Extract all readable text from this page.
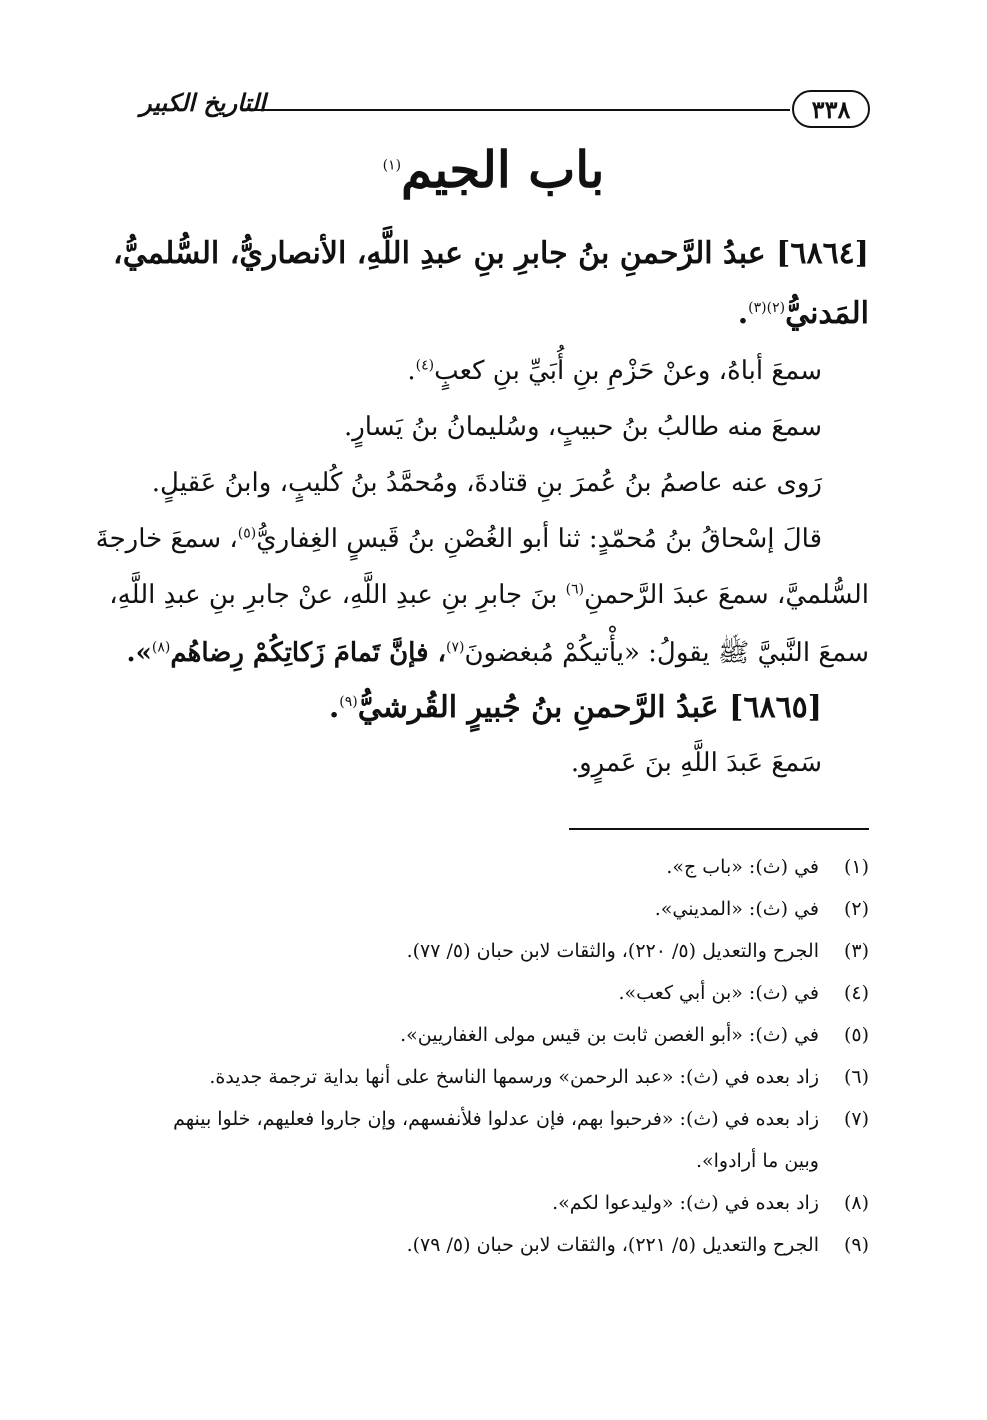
٣٣٨
التاريخ الكبير
باب الجيم$^{(١)}$
[٦٨٦٤] عبدُ الرَّحمنِ بنُ جابرِ بنِ عبدِ اللَّهِ، الأنصاريُّ، السُّلميُّ،
المَدنيُّ$^{(٢)(٣)}$.
سمعَ أباهُ، وعنْ حَزْمِ بنِ أُبَيِّ بنِ كعبٍ$^{(٤)}$.
سمعَ منه طالبُ بنُ حبيبٍ، وسُليمانُ بنُ يَسارٍ.
رَوى عنه عاصمُ بنُ عُمرَ بنِ قتادةَ، ومُحمَّدُ بنُ كُليبٍ، وابنُ عَقيلٍ.
قالَ إسْحاقُ بنُ مُحمّدٍ: ثنا أبو الغُصْنِ بنُ قَيسٍ الغِفاريُّ$^{(٥)}$، سمعَ خارجةَ
السُّلميَّ، سمعَ عبدَ الرَّحمنِ$^{(٦)}$ بنَ جابرِ بنِ عبدِ اللَّهِ، عنْ جابرِ بنِ عبدِ اللَّهِ،
سمعَ النَّبيَّ ﷺ يقولُ: «يأْتيكُمْ مُبغضونَ$^{(٧)}$، فإنَّ تَمامَ زَكاتِكُمْ رِضاهُم$^{(٨)}$».
[٦٨٦٥] عَبدُ الرَّحمنِ بنُ جُبيرٍ القُرشيُّ$^{(٩)}$.
سَمعَ عَبدَ اللَّهِ بنَ عَمرٍو.
(١)في (ث): «باب ج».
(٢)في (ث): «المديني».
(٣)الجرح والتعديل (٥/ ٢٢٠)، والثقات لابن حبان (٥/ ٧٧).
(٤)في (ث): «بن أبي كعب».
(٥)في (ث): «أبو الغصن ثابت بن قيس مولى الغفاريين».
(٦)زاد بعده في (ث): «عبد الرحمن» ورسمها الناسخ على أنها بداية ترجمة جديدة.
(٧)زاد بعده في (ث): «فرحبوا بهم، فإن عدلوا فلأنفسهم، وإن جاروا فعليهم، خلوا بينهم
وبين ما أرادوا».
(٨)زاد بعده في (ث): «وليدعوا لكم».
(٩)الجرح والتعديل (٥/ ٢٢١)، والثقات لابن حبان (٥/ ٧٩).
